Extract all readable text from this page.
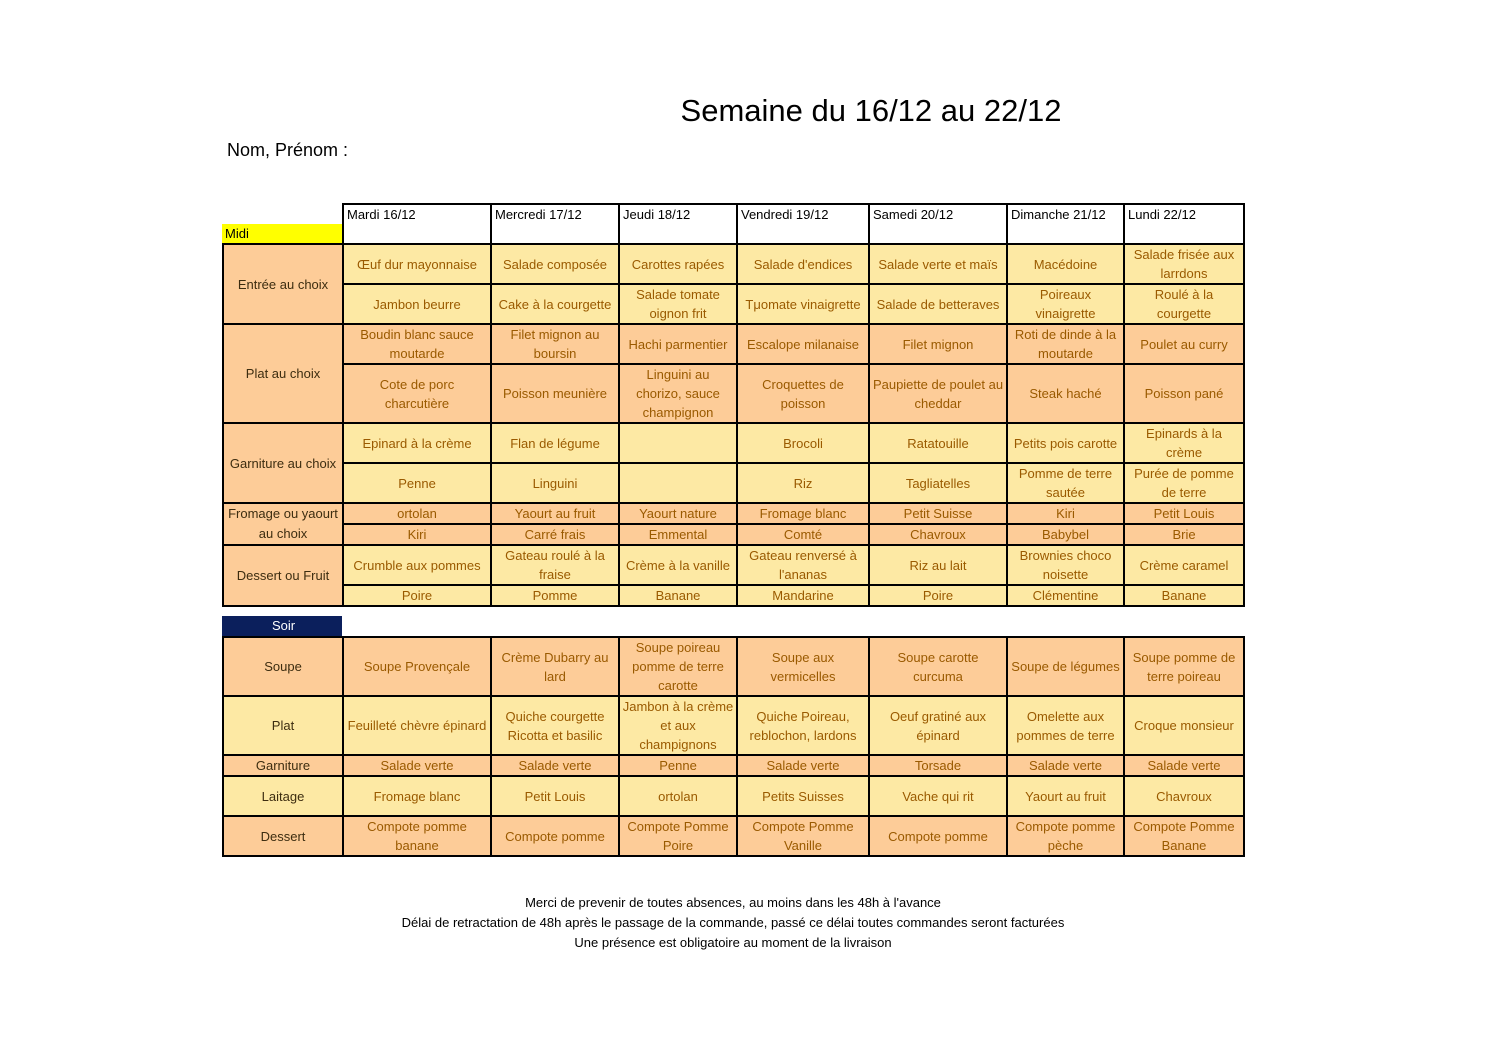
Semaine du 16/12 au 22/12
Nom, Prénom :
	Mardi 16/12	Mercredi 17/12	Jeudi 18/12	Vendredi 19/12	Samedi 20/12	Dimanche 21/12	Lundi 22/12
Entrée au choix	Œuf dur mayonnaise	Salade composée	Carottes rapées	Salade d'endices	Salade verte et maïs	Macédoine	Salade frisée aux larrdons
	Jambon beurre	Cake à la courgette	Salade tomate oignon frit	Tμomate vinaigrette	Salade de betteraves	Poireaux vinaigrette	Roulé à la courgette
Plat au choix	Boudin blanc sauce moutarde	Filet mignon au boursin	Hachi parmentier	Escalope milanaise	Filet mignon	Roti de dinde à la moutarde	Poulet au curry
	Cote de porc charcutière	Poisson meunière	Linguini au chorizo, sauce champignon	Croquettes de poisson	Paupiette de poulet au cheddar	Steak haché	Poisson pané
Garniture au choix	Epinard à la crème	Flan de légume		Brocoli	Ratatouille	Petits pois carotte	Epinards à la crème
	Penne	Linguini		Riz	Tagliatelles	Pomme de terre sautée	Purée de pomme de terre
Fromage ou yaourt au choix	ortolan	Yaourt au fruit	Yaourt nature	Fromage blanc	Petit Suisse	Kiri	Petit Louis
	Kiri	Carré frais	Emmental	Comté	Chavroux	Babybel	Brie
Dessert ou Fruit	Crumble aux pommes	Gateau roulé à la fraise	Crème à la vanille	Gateau renversé à l'ananas	Riz au lait	Brownies choco noisette	Crème caramel
	Poire	Pomme	Banane	Mandarine	Poire	Clémentine	Banane
Midi
Soir
Soupe	Soupe Provençale	Crème Dubarry au lard	Soupe poireau pomme de terre carotte	Soupe aux vermicelles	Soupe carotte curcuma	Soupe de légumes	Soupe pomme de terre poireau
Plat	Feuilleté chèvre épinard	Quiche courgette Ricotta et basilic	Jambon à la crème et aux champignons	Quiche Poireau, reblochon, lardons	Oeuf gratiné aux épinard	Omelette aux pommes de terre	Croque monsieur
Garniture	Salade verte	Salade verte	Penne	Salade verte	Torsade	Salade verte	Salade verte
Laitage	Fromage blanc	Petit Louis	ortolan	Petits Suisses	Vache qui rit	Yaourt au fruit	Chavroux
Dessert	Compote pomme banane	Compote pomme	Compote Pomme Poire	Compote Pomme Vanille	Compote pomme	Compote pomme pèche	Compote Pomme Banane
Merci de prevenir de toutes absences, au moins dans les 48h à l'avance
Délai de retractation de 48h après le passage de la commande, passé ce délai toutes commandes seront facturées
Une présence est obligatoire au moment de la livraison
